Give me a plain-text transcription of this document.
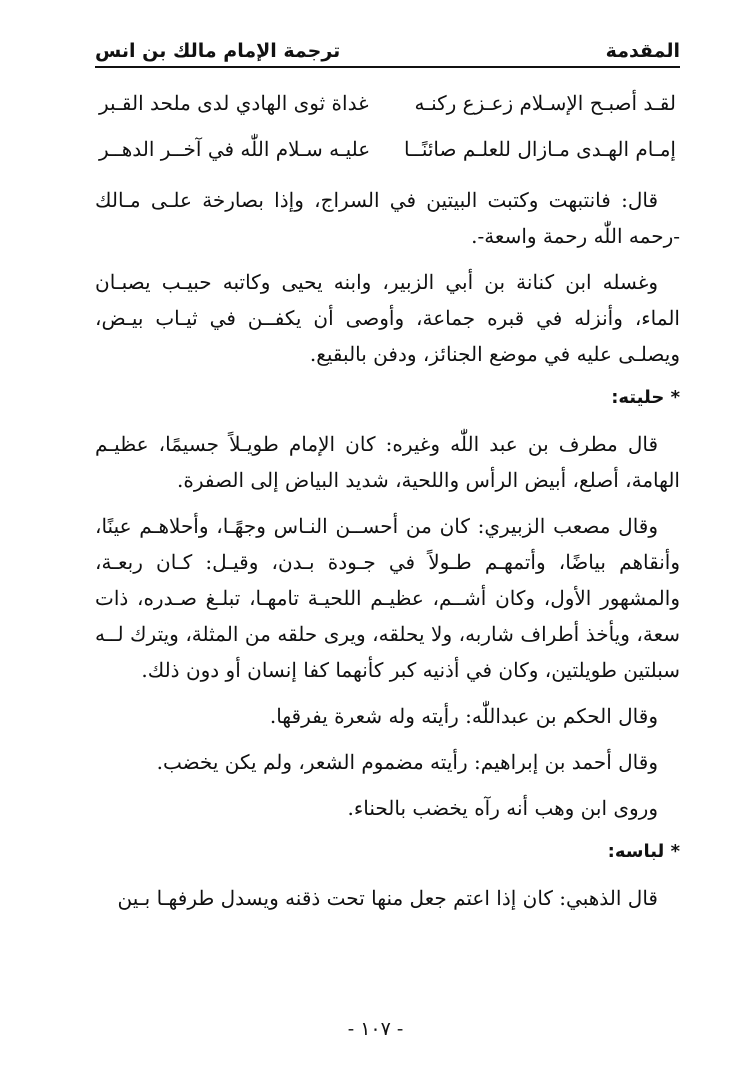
المقدمة
ترجمة الإمام مالك بن انس
لقـد أصبـح الإسـلام زعـزع ركنـه
غداة ثوى الهادي لدى ملحد القـبر
إمـام الهـدى مـازال للعلـم صائنًــا
عليـه سـلام اللّٰه في آخــر الدهــر

قال: فانتبهت وكتبت البيتين في السراج، وإذا بصارخة علـى مـالك -رحمه اللّٰه رحمة واسعة-.

وغسله ابن كنانة بن أبي الزبير، وابنه يحيى وكاتبه حبيـب يصبـان الماء، وأنزله في قبره جماعة، وأوصى أن يكفــن في ثيـاب بيـض، ويصلـى عليه في موضع الجنائز، ودفن بالبقيع.

* حليته:

قال مطرف بن عبد اللّٰه وغيره: كان الإمام طويـلاً جسيمًا، عظيـم الهامة، أصلع، أبيض الرأس واللحية، شديد البياض إلى الصفرة.

وقال مصعب الزبيري: كان من أحســن النـاس وجهًـا، وأحلاهـم عينًا، وأنقاهم بياضًا، وأتمهـم طـولاً في جـودة بـدن، وقيـل: كـان ربعـة، والمشهور الأول، وكان أشــم، عظيـم اللحيـة تامهـا، تبلـغ صـدره، ذات سعة، ويأخذ أطراف شاربه، ولا يحلقه، ويرى حلقه من المثلة، ويترك لــه سبلتين طويلتين، وكان في أذنيه كبر كأنهما كفا إنسان أو دون ذلك.

وقال الحكم بن عبداللّٰه: رأيته وله شعرة يفرقها.

وقال أحمد بن إبراهيم: رأيته مضموم الشعر، ولم يكن يخضب.

وروى ابن وهب أنه رآه يخضب بالحناء.

* لباسه:

قال الذهبي: كان إذا اعتم جعل منها تحت ذقنه ويسدل طرفهـا بـين

- ١٠٧ -
